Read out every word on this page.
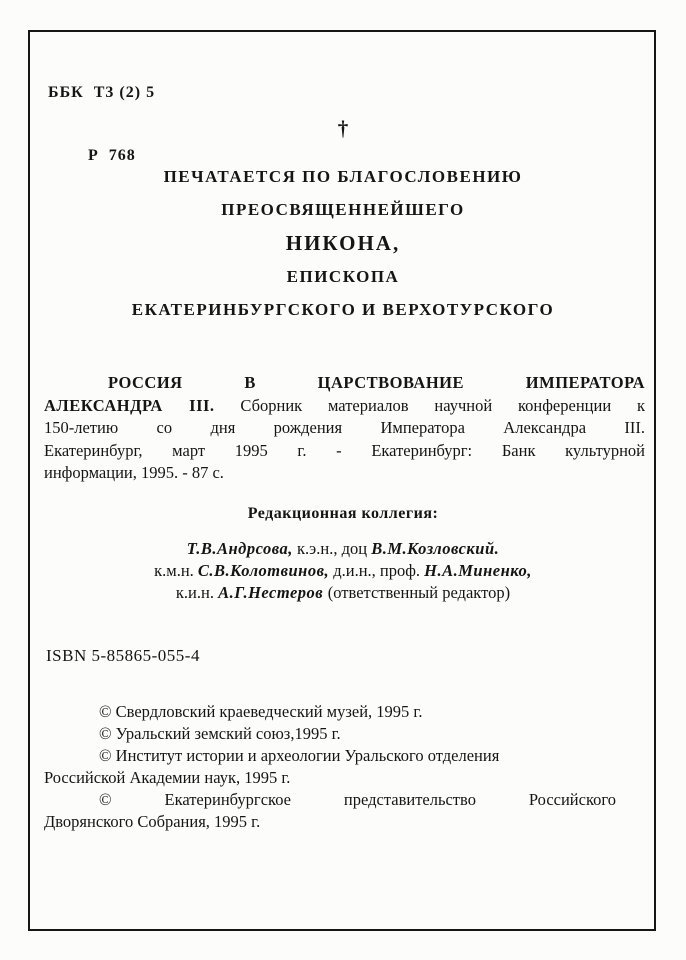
ББК  Т3 (2) 5

Р  768

†
ПЕЧАТАЕТСЯ ПО БЛАГОСЛОВЕНИЮ
ПРЕОСВЯЩЕННЕЙШЕГО
НИКОНА,
ЕПИСКОПА
ЕКАТЕРИНБУРГСКОГО И ВЕРХОТУРСКОГО
РОССИЯ В ЦАРСТВОВАНИЕ ИМПЕРАТОРА
АЛЕКСАНДРА III. Сборник материалов научной конференции к
150-летию со дня рождения Императора Александра III.
Екатеринбург, март 1995 г. - Екатеринбург: Банк культурной
информации, 1995. - 87 с.
Редакционная коллегия:
Т.В.Андрсова, к.э.н., доц В.М.Козловский.
к.м.н. С.В.Колотвинов, д.и.н., проф. Н.А.Миненко,
к.и.н. А.Г.Нестеров (ответственный редактор)
ISBN 5-85865-055-4
© Свердловский краеведческий музей, 1995 г.
© Уральский земский союз,1995 г.
© Институт истории и археологии Уральского отделения
Российской Академии наук, 1995 г.
© Екатеринбургское представительство Российского
Дворянского Собрания, 1995 г.
